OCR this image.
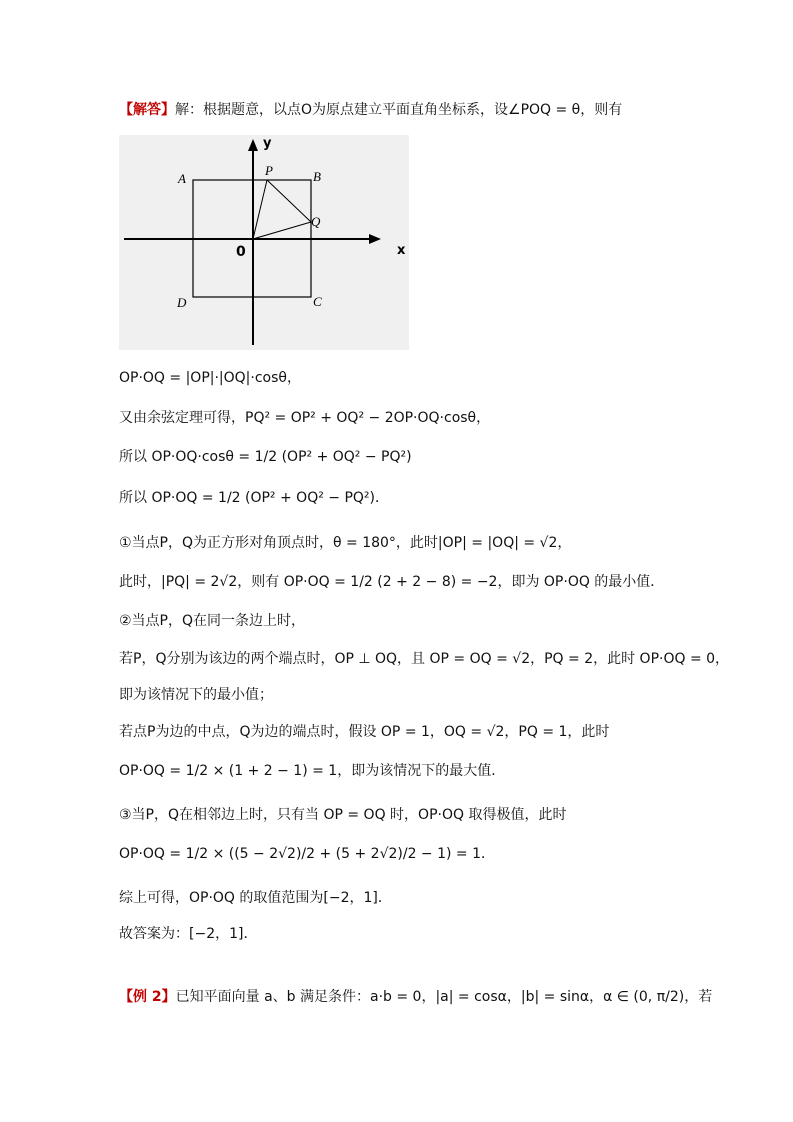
【解答】解：根据题意，以点O为原点建立平面直角坐标系，设∠POQ = θ，则有
y
x
0
A	B
C
D
P
Q
OP·OQ = |OP|·|OQ|·cosθ，
又由余弦定理可得，PQ² = OP² + OQ² − 2OP·OQ·cosθ，
所以 OP·OQ·cosθ = 1/2 (OP² + OQ² − PQ²)
所以 OP·OQ = 1/2 (OP² + OQ² − PQ²)．
①当点P，Q为正方形对角顶点时，θ = 180°，此时|OP| = |OQ| = √2，
此时，|PQ| = 2√2，则有 OP·OQ = 1/2 (2 + 2 − 8) = −2，即为 OP·OQ 的最小值．
②当点P，Q在同一条边上时，
若P，Q分别为该边的两个端点时，OP ⊥ OQ，且 OP = OQ = √2，PQ = 2，此时 OP·OQ = 0，
即为该情况下的最小值；
若点P为边的中点，Q为边的端点时，假设 OP = 1，OQ = √2，PQ = 1，此时
OP·OQ = 1/2 × (1 + 2 − 1) = 1，即为该情况下的最大值．
③当P，Q在相邻边上时，只有当 OP = OQ 时，OP·OQ 取得极值，此时
OP·OQ = 1/2 × ((5 − 2√2)/2 + (5 + 2√2)/2 − 1) = 1．
综上可得，OP·OQ 的取值范围为[−2，1]．
故答案为：[−2，1]．
【例 2】已知平面向量 a、b 满足条件：a·b = 0，|a| = cosα，|b| = sinα，α ∈ (0, π/2)，若
